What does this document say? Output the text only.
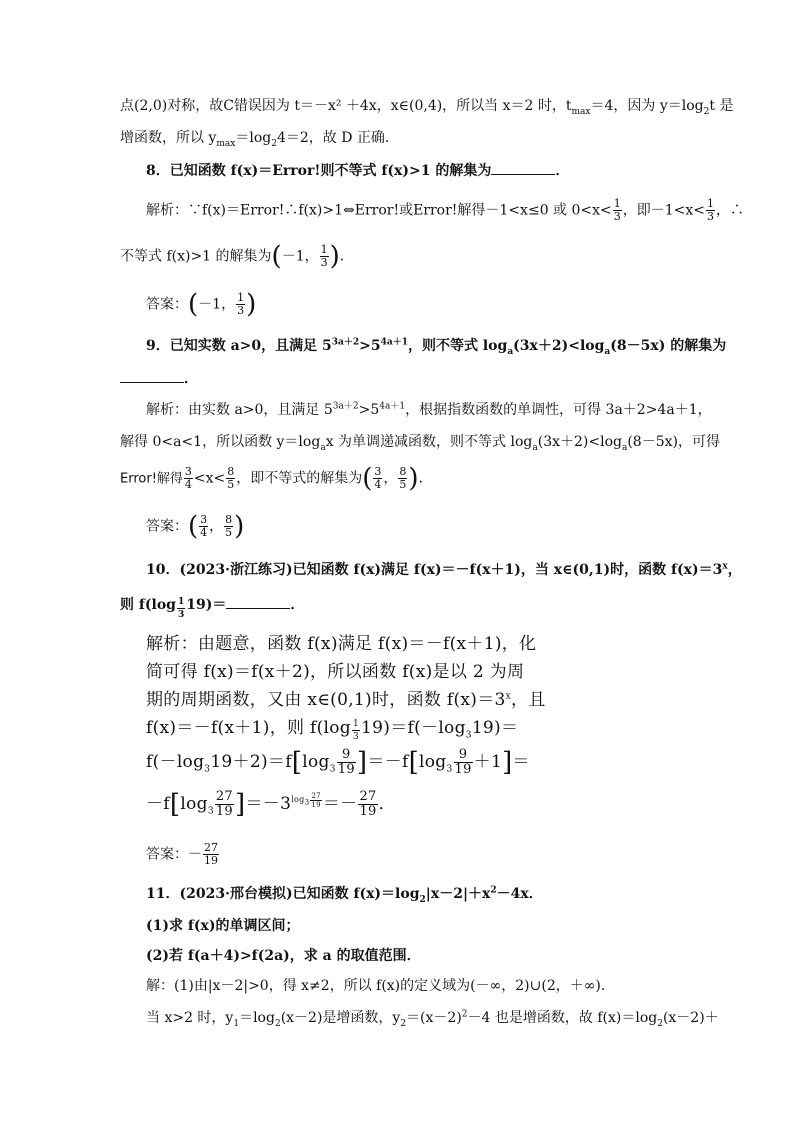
点(2,0)对称，故C错误因为 t＝－x² ＋4x，x∈(0,4)，所以当 x＝2 时，$t_{max}=4$，因为 $y=\log_2t$ 是
增函数，所以 $y_{max}=\log_24=2$，故 D 正确．
8．已知函数 f(x)＝Error!则不等式 f(x)>1 的解集为	．
解析：∵f(x)＝Error!∴f(x)>1⇔Error!或Error!解得－1<x≤0 或 $0<x< \frac{1}{3}$ ，即$-1<x< \frac{1}{3}$ ，∴
不等式 f(x)>1 的解集为(－1， $\frac{1}{3}$ )．
答案：(－1， $\frac{1}{3}$ )
9．已知实数 a>0，且满足 $5^{3a+2}>5^{4a+1}$，则不等式 $\log_a(3x+2)<\log_a(8-5x)$ 的解集为
．
解析：由实数 a>0，且满足 $5^{3a+2}>5^{4a+1}$，根据指数函数的单调性，可得 3a＋2>4a＋1，
解得 0<a<1，所以函数 $y=\log_ax$ 为单调递减函数，则不等式 $\log_a(3x+2)<\log_a(8-5x)$，可得
Error!解得 $\frac{3}{4} <x< \frac{8}{5}$ ，即不等式的解集为( $\frac{3}{4}$ ， $\frac{8}{5}$ )．
答案：( $\frac{3}{4}$ ， $\frac{8}{5}$ )
10．(2023·浙江练习)已知函数 f(x)满足 f(x)＝－f(x＋1)，当 x∈(0,1)时，函数 $f(x)=3^x$，
则 $f(\log \frac{1}{3} 19)=$	．
解析：由题意，函数 f(x)满足 f(x)＝－f(x＋1)，化
简可得 f(x)＝f(x＋2)，所以函数 f(x)是以 2 为周
期的周期函数，又由 x∈(0,1)时，函数 $f(x)=3^x$，且
f(x)＝－f(x＋1)，则 $f(\log \frac{1}{3} 19)=f(-\log_319)=$
$f(-\log_319+2)=f[\log_3 \frac{9}{19} ]=-f[\log_3 \frac{9}{19} +1]=$
$-f[\log_3 \frac{27}{19} ]=-3^{log_3 \frac{27}{19}} =- \frac{27}{19}$ ．
答案：－ $\frac{27}{19}$
11．(2023·邢台模拟)已知函数 $f(x)=\log_2|x-2|+x^2-4x$．
(1)求 f(x)的单调区间；
(2)若 f(a＋4)>f(2a)，求 a 的取值范围．
解：(1)由|x－2|>0，得 x≠2，所以 f(x)的定义域为(－∞，2)∪(2，＋∞)．
当 x>2 时，$y_1=\log_2(x-2)$是增函数，$y_2=(x-2)^2-4$ 也是增函数，故 $f(x)=\log_2(x-2)+$
